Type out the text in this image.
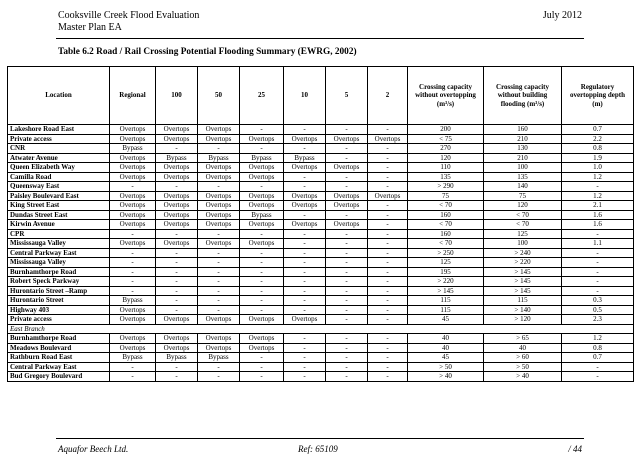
Cooksville Creek Flood Evaluation
Master Plan EA
July 2012
Table 6.2 Road / Rail Crossing Potential Flooding Summary (EWRG, 2002)
Location	Regional	100	50	25	10	5	2	Crossing capacity without overtopping (m³/s)	Crossing capacity without building flooding (m³/s)	Regulatory overtopping depth (m)
Lakeshore Road East	Overtops	Overtops	Overtops	-	-	-	-	200	160	0.7
Private access	Overtops	Overtops	Overtops	Overtops	Overtops	Overtops	Overtops	< 75	210	2.2
CNR	Bypass	-	-	-	-	-	-	270	130	0.8
Atwater Avenue	Overtops	Bypass	Bypass	Bypass	Bypass	-	-	120	210	1.9
Queen Elizabeth Way	Overtops	Overtops	Overtops	Overtops	Overtops	Overtops	-	110	100	1.0
Camilla Road	Overtops	Overtops	Overtops	Overtops	-	-	-	135	135	1.2
Queensway East	-	-	-	-	-	-	-	> 290	140	-
Paisley Boulevard East	Overtops	Overtops	Overtops	Overtops	Overtops	Overtops	Overtops	75	75	1.2
King Street East	Overtops	Overtops	Overtops	Overtops	Overtops	Overtops	-	< 70	120	2.1
Dundas Street East	Overtops	Overtops	Overtops	Bypass	-	-	-	160	< 70	1.6
Kirwin Avenue	Overtops	Overtops	Overtops	Overtops	Overtops	Overtops	-	< 70	< 70	1.6
CPR	-	-	-	-	-	-	-	160	125	-
Mississauga Valley	Overtops	Overtops	Overtops	Overtops	-	-	-	< 70	100	1.1
Central Parkway East	-	-	-	-	-	-	-	> 250	> 240	-
Mississauga Valley	-	-	-	-	-	-	-	125	> 220	-
Burnhamthorpe Road	-	-	-	-	-	-	-	195	> 145	-
Robert Speck Parkway	-	-	-	-	-	-	-	> 220	> 145	-
Hurontario Street –Ramp	-	-	-	-	-	-	-	> 145	> 145	-
Hurontario Street	Bypass	-	-	-	-	-	-	115	115	0.3
Highway 403	Overtops	-	-	-	-	-	-	115	> 140	0.5
Private access	Overtops	Overtops	Overtops	Overtops	Overtops	-	-	45	> 120	2.3
East Branch										
Burnhamthorpe Road	Overtops	Overtops	Overtops	Overtops	-	-	-	40	> 65	1.2
Meadows Boulevard	Overtops	Overtops	Overtops	Overtops	-	-	-	40	40	0.8
Rathburn Road East	Bypass	Bypass	Bypass	-	-	-	-	45	> 60	0.7
Central Parkway East	-	-	-	-	-	-	-	> 50	> 50	-
Bud Gregory Boulevard	-	-	-	-	-	-	-	> 40	> 40	-
Aquafor Beech Ltd.	Ref: 65109	/ 44
